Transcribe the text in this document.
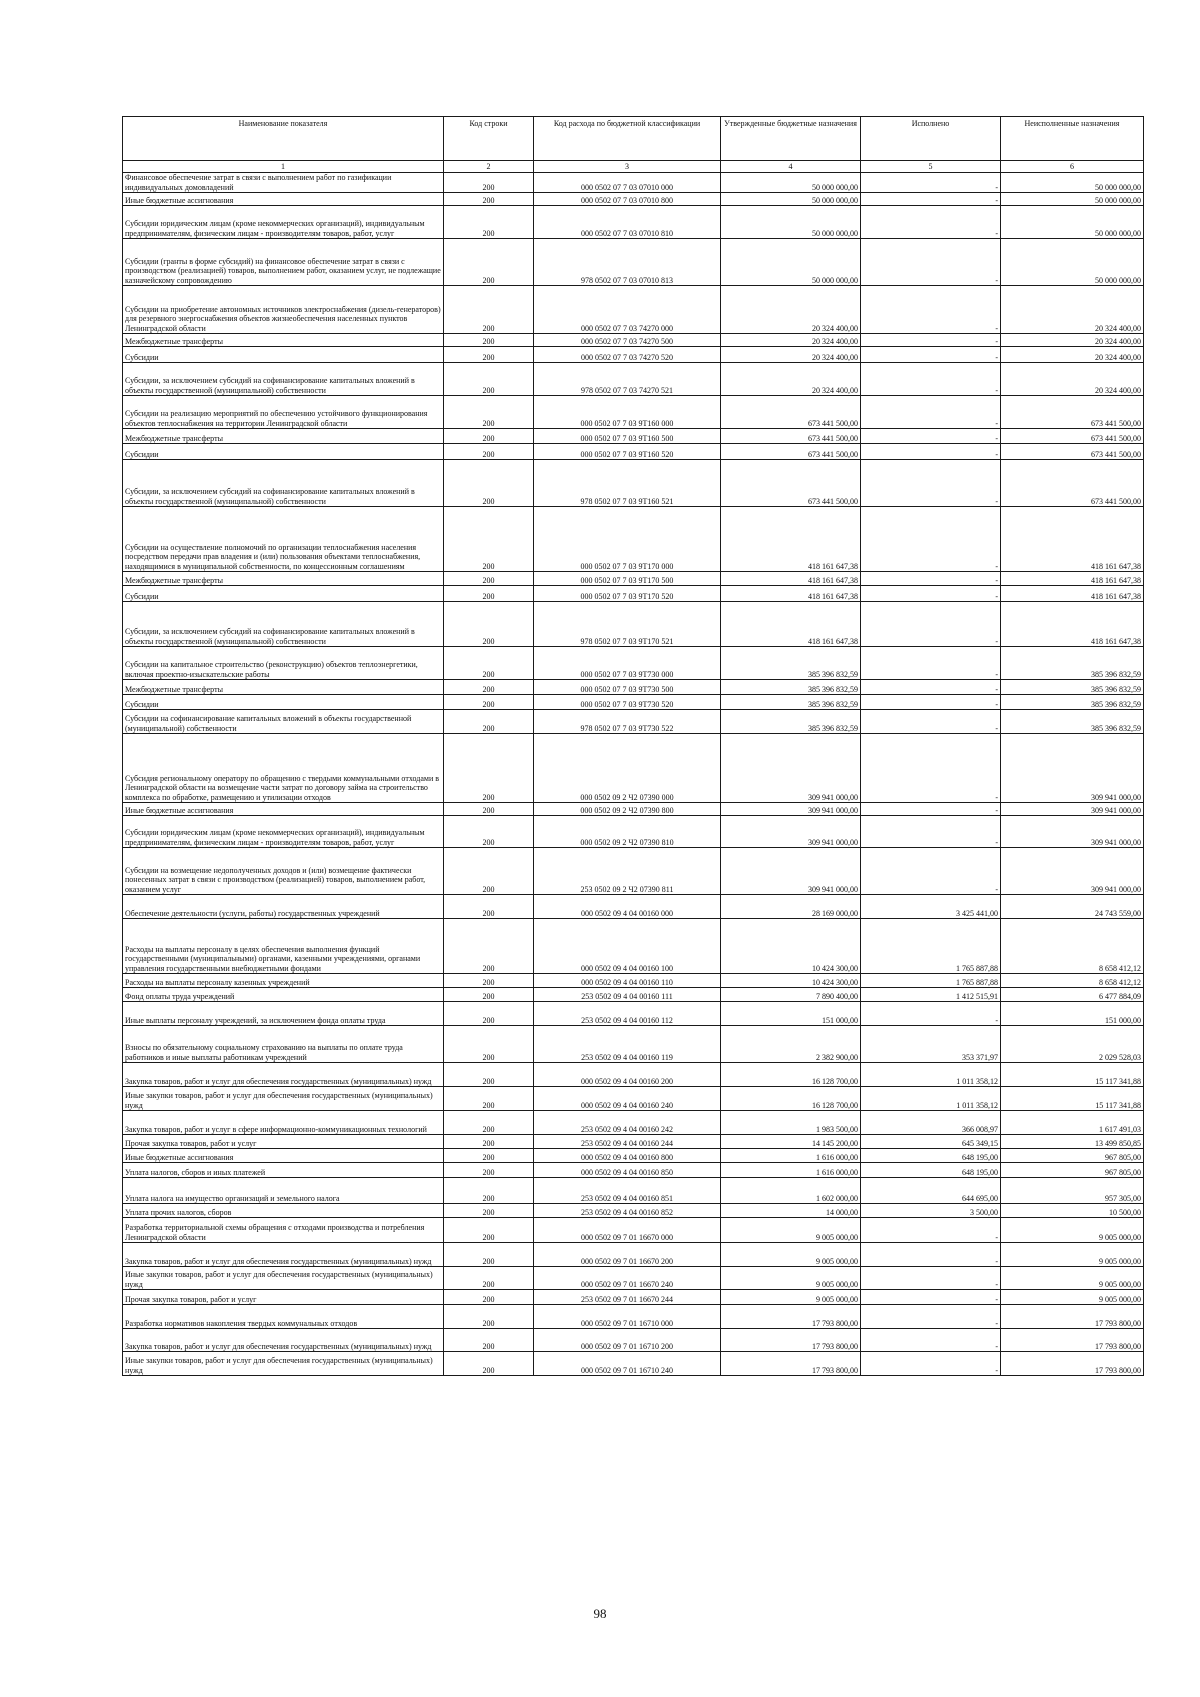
Наименование показателя	Код строки	Код расхода по бюджетной классификации	Утвержденные бюджетные назначения	Исполнено	Неисполненные назначения
1	2	3	4	5	6
Финансовое обеспечение затрат в связи с выполнением работ по газификации индивидуальных домовладений	200	000 0502 07 7 03 07010 000	50 000 000,00	-	50 000 000,00
Иные бюджетные ассигнования	200	000 0502 07 7 03 07010 800	50 000 000,00	-	50 000 000,00
Субсидии юридическим лицам (кроме некоммерческих организаций), индивидуальным предпринимателям, физическим лицам - производителям товаров, работ, услуг	200	000 0502 07 7 03 07010 810	50 000 000,00	-	50 000 000,00
Субсидии (гранты в форме субсидий) на финансовое обеспечение затрат в связи с производством (реализацией) товаров, выполнением работ, оказанием услуг, не подлежащие казначейскому сопровождению	200	978 0502 07 7 03 07010 813	50 000 000,00	-	50 000 000,00
Субсидии на приобретение автономных источников электроснабжения (дизель-генераторов) для резервного энергоснабжения объектов жизнеобеспечения населенных пунктов Ленинградской области	200	000 0502 07 7 03 74270 000	20 324 400,00	-	20 324 400,00
Межбюджетные трансферты	200	000 0502 07 7 03 74270 500	20 324 400,00	-	20 324 400,00
Субсидии	200	000 0502 07 7 03 74270 520	20 324 400,00	-	20 324 400,00
Субсидии, за исключением субсидий на софинансирование капитальных вложений в объекты государственной (муниципальной) собственности	200	978 0502 07 7 03 74270 521	20 324 400,00	-	20 324 400,00
Субсидии на реализацию мероприятий по обеспечению устойчивого функционирования объектов теплоснабжения на территории Ленинградской области	200	000 0502 07 7 03 9Т160 000	673 441 500,00	-	673 441 500,00
Межбюджетные трансферты	200	000 0502 07 7 03 9Т160 500	673 441 500,00	-	673 441 500,00
Субсидии	200	000 0502 07 7 03 9Т160 520	673 441 500,00	-	673 441 500,00
Субсидии, за исключением субсидий на софинансирование капитальных вложений в объекты государственной (муниципальной) собственности	200	978 0502 07 7 03 9Т160 521	673 441 500,00	-	673 441 500,00
Субсидии на осуществление полномочий по организации теплоснабжения населения посредством передачи прав владения и (или) пользования объектами теплоснабжения, находящимися в муниципальной собственности, по концессионным соглашениям	200	000 0502 07 7 03 9Т170 000	418 161 647,38	-	418 161 647,38
Межбюджетные трансферты	200	000 0502 07 7 03 9Т170 500	418 161 647,38	-	418 161 647,38
Субсидии	200	000 0502 07 7 03 9Т170 520	418 161 647,38	-	418 161 647,38
Субсидии, за исключением субсидий на софинансирование капитальных вложений в объекты государственной (муниципальной) собственности	200	978 0502 07 7 03 9Т170 521	418 161 647,38	-	418 161 647,38
Субсидии на капитальное строительство (реконструкцию) объектов теплоэнергетики, включая проектно-изыскательские работы	200	000 0502 07 7 03 9Т730 000	385 396 832,59	-	385 396 832,59
Межбюджетные трансферты	200	000 0502 07 7 03 9Т730 500	385 396 832,59	-	385 396 832,59
Субсидии	200	000 0502 07 7 03 9Т730 520	385 396 832,59	-	385 396 832,59
Субсидии на софинансирование капитальных вложений в объекты государственной (муниципальной) собственности	200	978 0502 07 7 03 9Т730 522	385 396 832,59	-	385 396 832,59
Субсидия региональному оператору по обращению с твердыми коммунальными отходами в Ленинградской области на возмещение части затрат по договору займа на строительство комплекса по обработке, размещению и утилизации отходов	200	000 0502 09 2 Ч2 07390 000	309 941 000,00	-	309 941 000,00
Иные бюджетные ассигнования	200	000 0502 09 2 Ч2 07390 800	309 941 000,00	-	309 941 000,00
Субсидии юридическим лицам (кроме некоммерческих организаций), индивидуальным предпринимателям, физическим лицам - производителям товаров, работ, услуг	200	000 0502 09 2 Ч2 07390 810	309 941 000,00	-	309 941 000,00
Субсидии на возмещение недополученных доходов и (или) возмещение фактически понесенных затрат в связи с производством (реализацией) товаров, выполнением работ, оказанием услуг	200	253 0502 09 2 Ч2 07390 811	309 941 000,00	-	309 941 000,00
Обеспечение деятельности (услуги, работы) государственных учреждений	200	000 0502 09 4 04 00160 000	28 169 000,00	3 425 441,00	24 743 559,00
Расходы на выплаты персоналу в целях обеспечения выполнения функций государственными (муниципальными) органами, казенными учреждениями, органами управления государственными внебюджетными фондами	200	000 0502 09 4 04 00160 100	10 424 300,00	1 765 887,88	8 658 412,12
Расходы на выплаты персоналу казенных учреждений	200	000 0502 09 4 04 00160 110	10 424 300,00	1 765 887,88	8 658 412,12
Фонд оплаты труда учреждений	200	253 0502 09 4 04 00160 111	7 890 400,00	1 412 515,91	6 477 884,09
Иные выплаты персоналу учреждений, за исключением фонда оплаты труда	200	253 0502 09 4 04 00160 112	151 000,00	-	151 000,00
Взносы по обязательному социальному страхованию на выплаты по оплате труда работников и иные выплаты работникам учреждений	200	253 0502 09 4 04 00160 119	2 382 900,00	353 371,97	2 029 528,03
Закупка товаров, работ и услуг для обеспечения государственных (муниципальных) нужд	200	000 0502 09 4 04 00160 200	16 128 700,00	1 011 358,12	15 117 341,88
Иные закупки товаров, работ и услуг для обеспечения государственных (муниципальных) нужд	200	000 0502 09 4 04 00160 240	16 128 700,00	1 011 358,12	15 117 341,88
Закупка товаров, работ и услуг в сфере информационно-коммуникационных технологий	200	253 0502 09 4 04 00160 242	1 983 500,00	366 008,97	1 617 491,03
Прочая закупка товаров, работ и услуг	200	253 0502 09 4 04 00160 244	14 145 200,00	645 349,15	13 499 850,85
Иные бюджетные ассигнования	200	000 0502 09 4 04 00160 800	1 616 000,00	648 195,00	967 805,00
Уплата налогов, сборов и иных платежей	200	000 0502 09 4 04 00160 850	1 616 000,00	648 195,00	967 805,00
Уплата налога на имущество организаций и земельного налога	200	253 0502 09 4 04 00160 851	1 602 000,00	644 695,00	957 305,00
Уплата прочих налогов, сборов	200	253 0502 09 4 04 00160 852	14 000,00	3 500,00	10 500,00
Разработка территориальной схемы обращения с отходами производства и потребления Ленинградской области	200	000 0502 09 7 01 16670 000	9 005 000,00	-	9 005 000,00
Закупка товаров, работ и услуг для обеспечения государственных (муниципальных) нужд	200	000 0502 09 7 01 16670 200	9 005 000,00	-	9 005 000,00
Иные закупки товаров, работ и услуг для обеспечения государственных (муниципальных) нужд	200	000 0502 09 7 01 16670 240	9 005 000,00	-	9 005 000,00
Прочая закупка товаров, работ и услуг	200	253 0502 09 7 01 16670 244	9 005 000,00	-	9 005 000,00
Разработка нормативов накопления твердых коммунальных отходов	200	000 0502 09 7 01 16710 000	17 793 800,00	-	17 793 800,00
Закупка товаров, работ и услуг для обеспечения государственных (муниципальных) нужд	200	000 0502 09 7 01 16710 200	17 793 800,00	-	17 793 800,00
Иные закупки товаров, работ и услуг для обеспечения государственных (муниципальных) нужд	200	000 0502 09 7 01 16710 240	17 793 800,00	-	17 793 800,00
98
